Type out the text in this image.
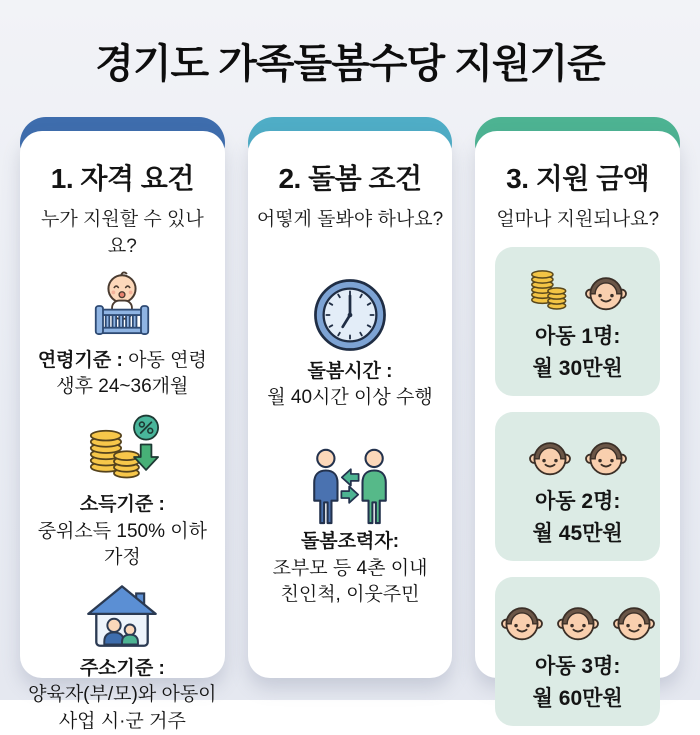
경기도 가족돌봄수당 지원기준
1. 자격 요건

누가 지원할 수 있나요?

연령기준 : 아동 연령
생후 24~36개월

소득기준 :
중위소득 150% 이하 가정

주소기준 :
양육자(부/모)와 아동이
사업 시·군 거주

2. 돌봄 조건

어떻게 돌봐야 하나요?

돌봄시간 :
월 40시간 이상 수행

돌봄조력자:
조부모 등 4촌 이내
친인척, 이웃주민

3. 지원 금액

얼마나 지원되나요?

아동 1명:
월 30만원

아동 2명:
월 45만원

아동 3명:
월 60만원
